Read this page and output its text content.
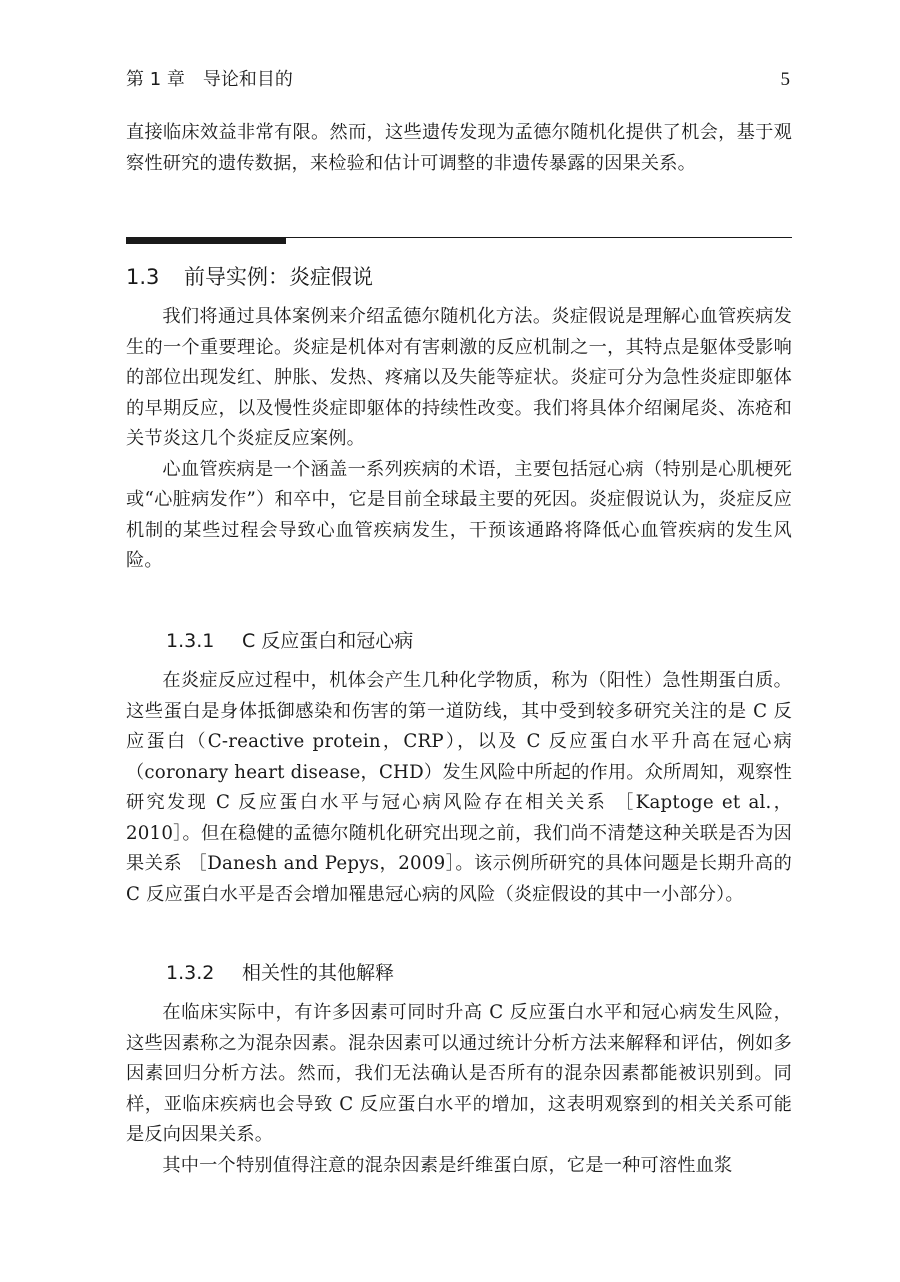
第 1 章　导论和目的	5

直接临床效益非常有限。然而，这些遗传发现为孟德尔随机化提供了机会，基于观察性研究的遗传数据，来检验和估计可调整的非遗传暴露的因果关系。

1.3 前导实例：炎症假说

我们将通过具体案例来介绍孟德尔随机化方法。炎症假说是理解心血管疾病发生的一个重要理论。炎症是机体对有害刺激的反应机制之一，其特点是躯体受影响的部位出现发红、肿胀、发热、疼痛以及失能等症状。炎症可分为急性炎症即躯体的早期反应，以及慢性炎症即躯体的持续性改变。我们将具体介绍阑尾炎、冻疮和关节炎这几个炎症反应案例。

心血管疾病是一个涵盖一系列疾病的术语，主要包括冠心病（特别是心肌梗死或“心脏病发作”）和卒中，它是目前全球最主要的死因。炎症假说认为，炎症反应机制的某些过程会导致心血管疾病发生，干预该通路将降低心血管疾病的发生风险。

1.3.1 C 反应蛋白和冠心病

在炎症反应过程中，机体会产生几种化学物质，称为（阳性）急性期蛋白质。这些蛋白是身体抵御感染和伤害的第一道防线，其中受到较多研究关注的是 C 反应蛋白（C-reactive protein，CRP），以及 C 反应蛋白水平升高在冠心病（coronary heart disease，CHD）发生风险中所起的作用。众所周知，观察性研究发现 C 反应蛋白水平与冠心病风险存在相关关系 ［Kaptoge et al.，2010］。但在稳健的孟德尔随机化研究出现之前，我们尚不清楚这种关联是否为因果关系 ［Danesh and Pepys，2009］。该示例所研究的具体问题是长期升高的 C 反应蛋白水平是否会增加罹患冠心病的风险（炎症假设的其中一小部分）。

1.3.2 相关性的其他解释

在临床实际中，有许多因素可同时升高 C 反应蛋白水平和冠心病发生风险，这些因素称之为混杂因素。混杂因素可以通过统计分析方法来解释和评估，例如多因素回归分析方法。然而，我们无法确认是否所有的混杂因素都能被识别到。同样，亚临床疾病也会导致 C 反应蛋白水平的增加，这表明观察到的相关关系可能是反向因果关系。

其中一个特别值得注意的混杂因素是纤维蛋白原，它是一种可溶性血浆
